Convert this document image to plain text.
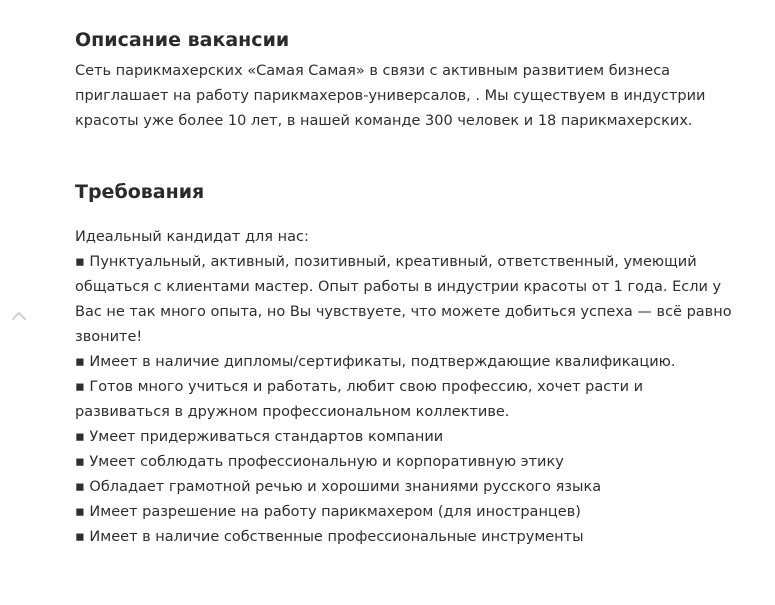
Описание вакансии

Сеть парикмахерских «Самая Самая» в связи с активным развитием бизнеса приглашает на работу парикмахеров-универсалов, . Мы существуем в индустрии красоты уже более 10 лет, в нашей команде 300 человек и 18 парикмахерских.

Требования

Идеальный кандидат для нас:

▪ Пунктуальный, активный, позитивный, креативный, ответственный, умеющий общаться с клиентами мастер. Опыт работы в индустрии красоты от 1 года. Если у Вас не так много опыта, но Вы чувствуете, что можете добиться успеха — всё равно звоните!

▪ Имеет в наличие дипломы/сертификаты, подтверждающие квалификацию.

▪ Готов много учиться и работать, любит свою профессию, хочет расти и развиваться в дружном профессиональном коллективе.

▪ Умеет придерживаться стандартов компании

▪ Умеет соблюдать профессиональную и корпоративную этику

▪ Обладает грамотной речью и хорошими знаниями русского языка

▪ Имеет разрешение на работу парикмахером (для иностранцев)

▪ Имеет в наличие собственные профессиональные инструменты
